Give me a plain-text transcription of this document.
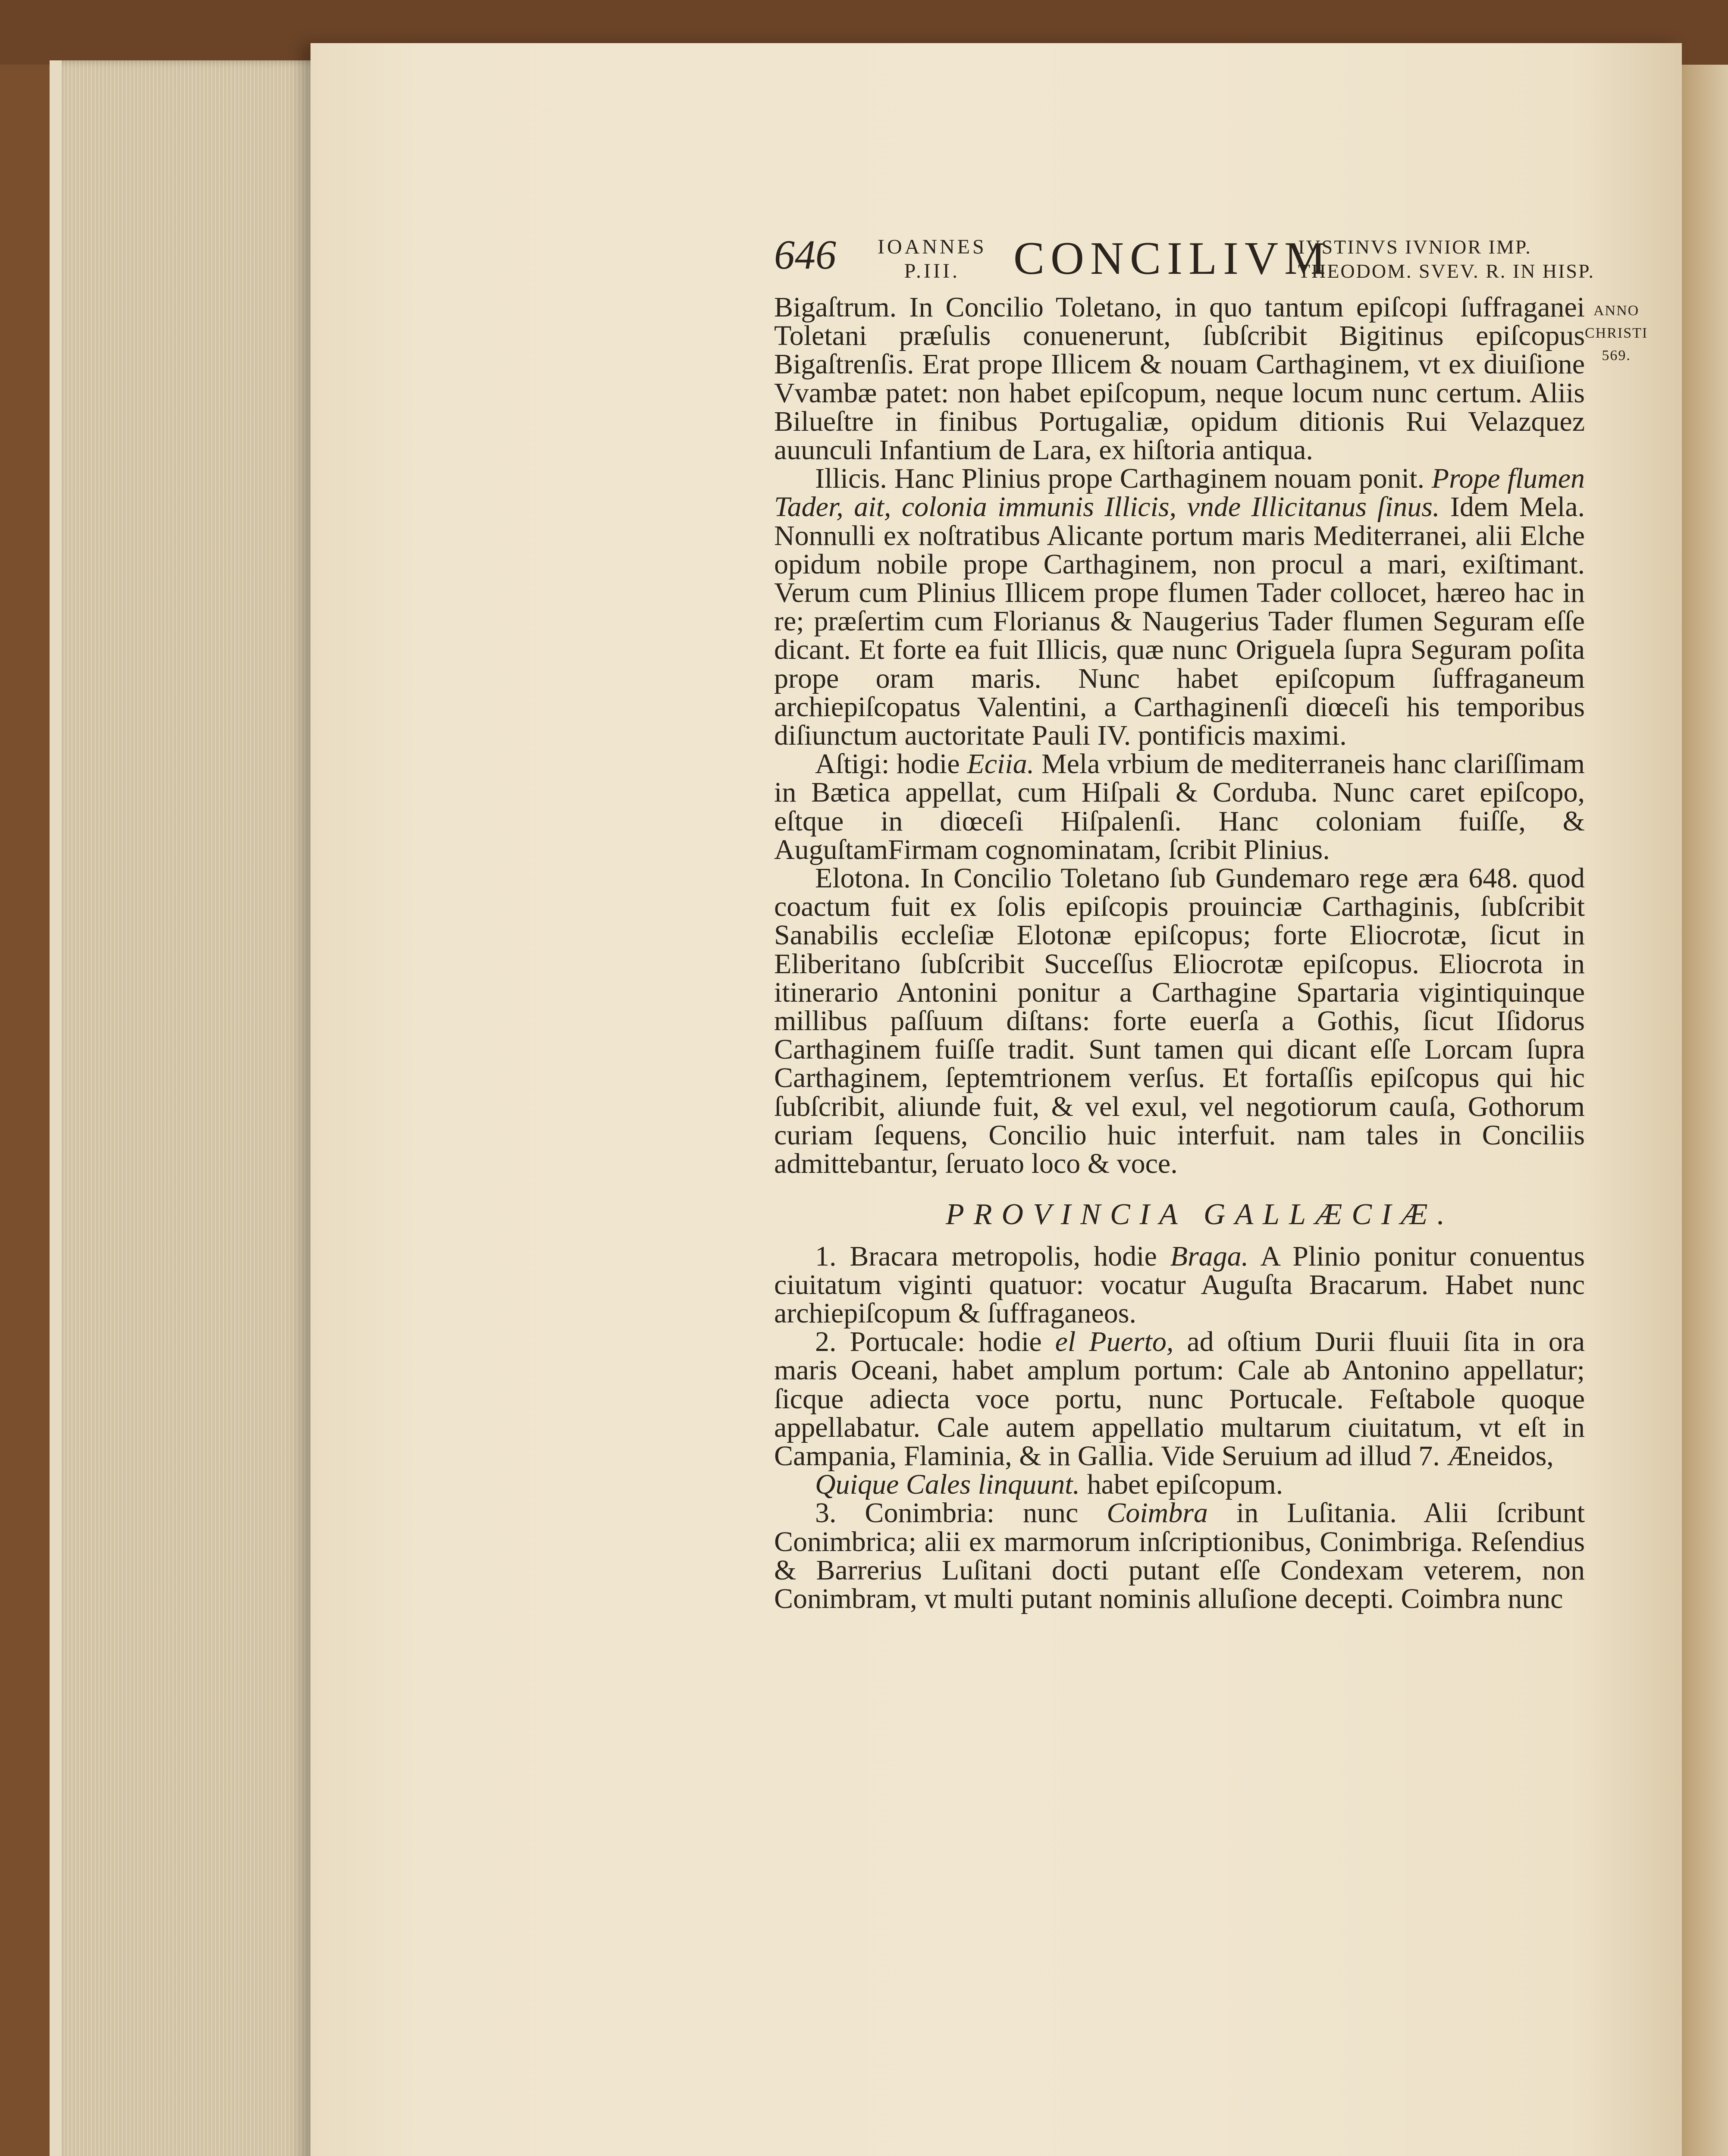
646 IOANNES
P.III.	CONCILIVM
IVSTINVS IVNIOR IMP.
THEODOM. SVEV. R. IN HISP.
ANNO
CHRISTI
569.

Bigaſtrum. In Concilio Toletano, in quo tantum epiſcopi ſuffraganei Toletani præſulis conuenerunt, ſubſcribit Bigitinus epiſcopus Bigaſtrenſis. Erat prope Illicem & nouam Carthaginem, vt ex diuiſione Vvambæ patet: non habet epiſcopum, neque locum nunc certum. Aliis Bilueſtre in finibus Portugaliæ, opidum ditionis Rui Velazquez auunculi Infantium de Lara, ex hiſtoria antiqua.

Illicis. Hanc Plinius prope Carthaginem nouam ponit. Prope flumen Tader, ait, colonia immunis Illicis, vnde Illicitanus ſinus. Idem Mela. Nonnulli ex noſtratibus Alicante portum maris Mediterranei, alii Elche opidum nobile prope Carthaginem, non procul a mari, exiſtimant. Verum cum Plinius Illicem prope flumen Tader collocet, hæreo hac in re; præſertim cum Florianus & Naugerius Tader flumen Seguram eſſe dicant. Et forte ea fuit Illicis, quæ nunc Origuela ſupra Seguram poſita prope oram maris. Nunc habet epiſcopum ſuffraganeum archiepiſcopatus Valentini, a Carthaginenſi diœceſi his temporibus diſiunctum auctoritate Pauli IV. pontificis maximi.

Aſtigi: hodie Eciia. Mela vrbium de mediterraneis hanc clariſſimam in Bætica appellat, cum Hiſpali & Corduba. Nunc caret epiſcopo, eſtque in diœceſi Hiſpalenſi. Hanc coloniam fuiſſe, & AuguſtamFirmam cognominatam, ſcribit Plinius.

Elotona. In Concilio Toletano ſub Gundemaro rege æra 648. quod coactum fuit ex ſolis epiſcopis prouinciæ Carthaginis, ſubſcribit Sanabilis eccleſiæ Elotonæ epiſcopus; forte Eliocrotæ, ſicut in Eliberitano ſubſcribit Succeſſus Eliocrotæ epiſcopus. Eliocrota in itinerario Antonini ponitur a Carthagine Spartaria vigintiquinque millibus paſſuum diſtans: forte euerſa a Gothis, ſicut Iſidorus Carthaginem fuiſſe tradit. Sunt tamen qui dicant eſſe Lorcam ſupra Carthaginem, ſeptemtrionem verſus. Et fortaſſis epiſcopus qui hic ſubſcribit, aliunde fuit, & vel exul, vel negotiorum cauſa, Gothorum curiam ſequens, Concilio huic interfuit. nam tales in Conciliis admittebantur, ſeruato loco & voce.

PROVINCIA GALLÆCIÆ.

1. Bracara metropolis, hodie Braga. A Plinio ponitur conuentus ciuitatum viginti quatuor: vocatur Auguſta Bracarum. Habet nunc archiepiſcopum & ſuffraganeos.

2. Portucale: hodie el Puerto, ad oſtium Durii fluuii ſita in ora maris Oceani, habet amplum portum: Cale ab Antonino appellatur; ſicque adiecta voce portu, nunc Portucale. Feſtabole quoque appellabatur. Cale autem appellatio multarum ciuitatum, vt eſt in Campania, Flaminia, & in Gallia. Vide Seruium ad illud 7. Æneidos,

Quique Cales linquunt. habet epiſcopum.

3. Conimbria: nunc Coimbra in Luſitania. Alii ſcribunt Conimbrica; alii ex marmorum inſcriptionibus, Conimbriga. Reſendius & Barrerius Luſitani docti putant eſſe Condexam veterem, non Conimbram, vt multi putant nominis alluſione decepti. Coimbra nunc
